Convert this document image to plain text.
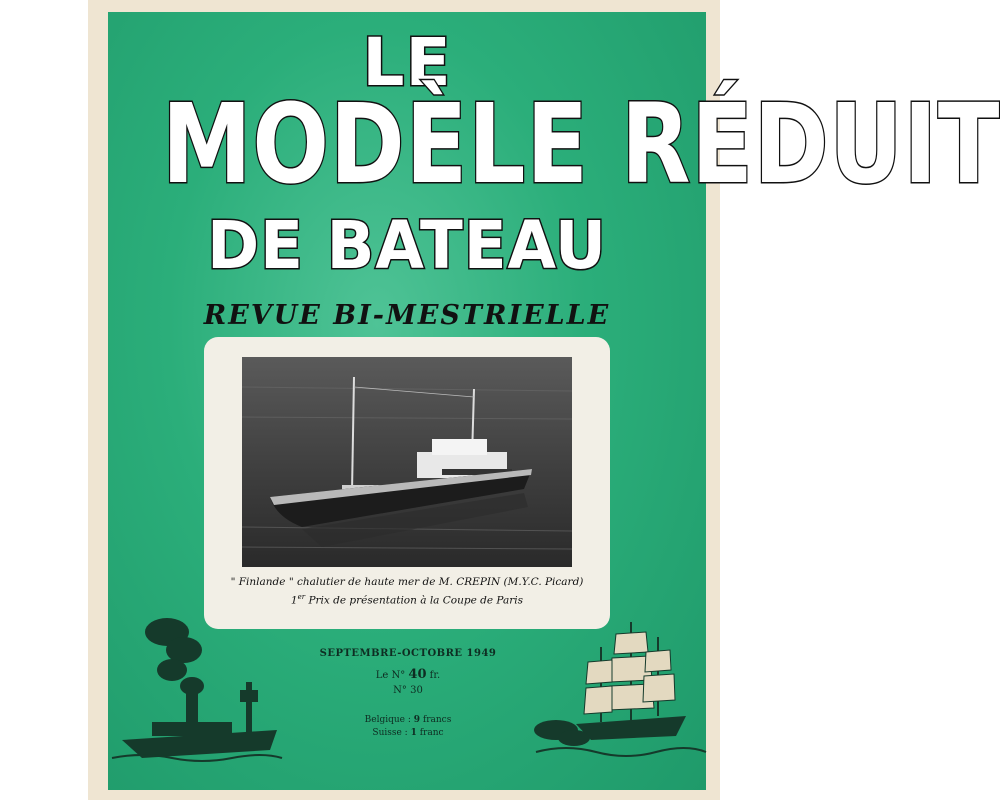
LE
MODÈLE RÉDUIT
DE BATEAU
REVUE BI-MESTRIELLE
" Finlande " chalutier de haute mer de M. CREPIN (M.Y.C. Picard)
1er Prix de présentation à la Coupe de Paris
SEPTEMBRE-OCTOBRE 1949
Le N° 40 fr.
N° 30
Belgique : 9 francs
Suisse : 1 franc
